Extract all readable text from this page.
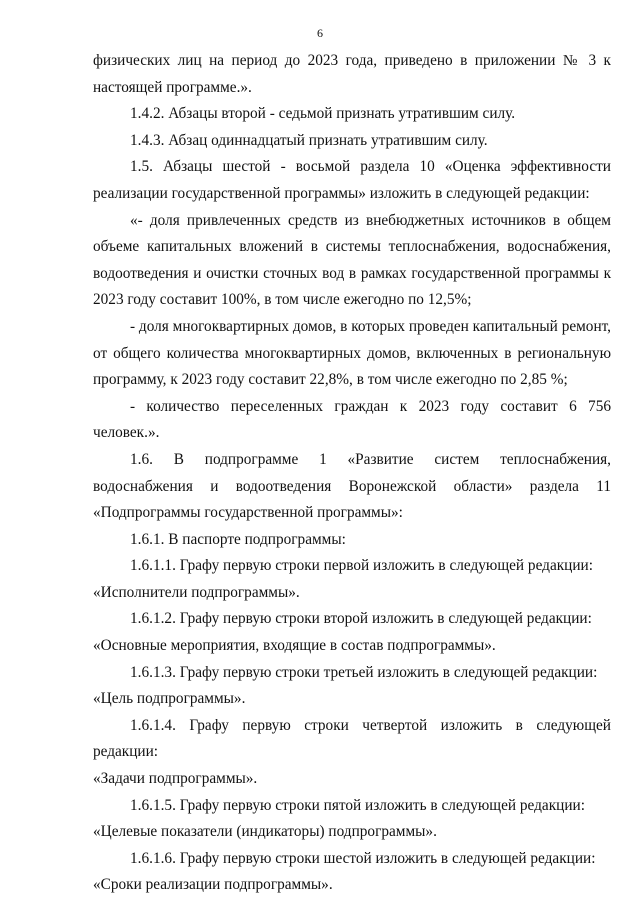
6

физических лиц на период до 2023 года, приведено в приложении № 3 к настоящей программе.».

1.4.2. Абзацы второй - седьмой признать утратившим силу.

1.4.3. Абзац одиннадцатый признать утратившим силу.

1.5. Абзацы шестой - восьмой раздела 10 «Оценка эффективности реализации государственной программы» изложить в следующей редакции:

«- доля привлеченных средств из внебюджетных источников в общем объеме капитальных вложений в системы теплоснабжения, водоснабжения, водоотведения и очистки сточных вод в рамках государственной программы к 2023 году составит 100%, в том числе ежегодно по 12,5%;

- доля многоквартирных домов, в которых проведен капитальный ремонт, от общего количества многоквартирных домов, включенных в региональную программу, к 2023 году составит 22,8%, в том числе ежегодно по 2,85 %;

- количество переселенных граждан к 2023 году составит 6 756 человек.».

1.6. В подпрограмме 1 «Развитие систем теплоснабжения, водоснабжения и водоотведения Воронежской области» раздела 11 «Подпрограммы государственной программы»:

1.6.1. В паспорте подпрограммы:

1.6.1.1. Графу первую строки первой изложить в следующей редакции:

«Исполнители подпрограммы».

1.6.1.2. Графу первую строки второй изложить в следующей редакции:

«Основные мероприятия, входящие в состав подпрограммы».

1.6.1.3. Графу первую строки третьей изложить в следующей редакции:

«Цель подпрограммы».

1.6.1.4. Графу первую строки четвертой изложить в следующей редакции:

«Задачи подпрограммы».

1.6.1.5. Графу первую строки пятой изложить в следующей редакции:

«Целевые показатели (индикаторы) подпрограммы».

1.6.1.6. Графу первую строки шестой изложить в следующей редакции:

«Сроки реализации подпрограммы».
